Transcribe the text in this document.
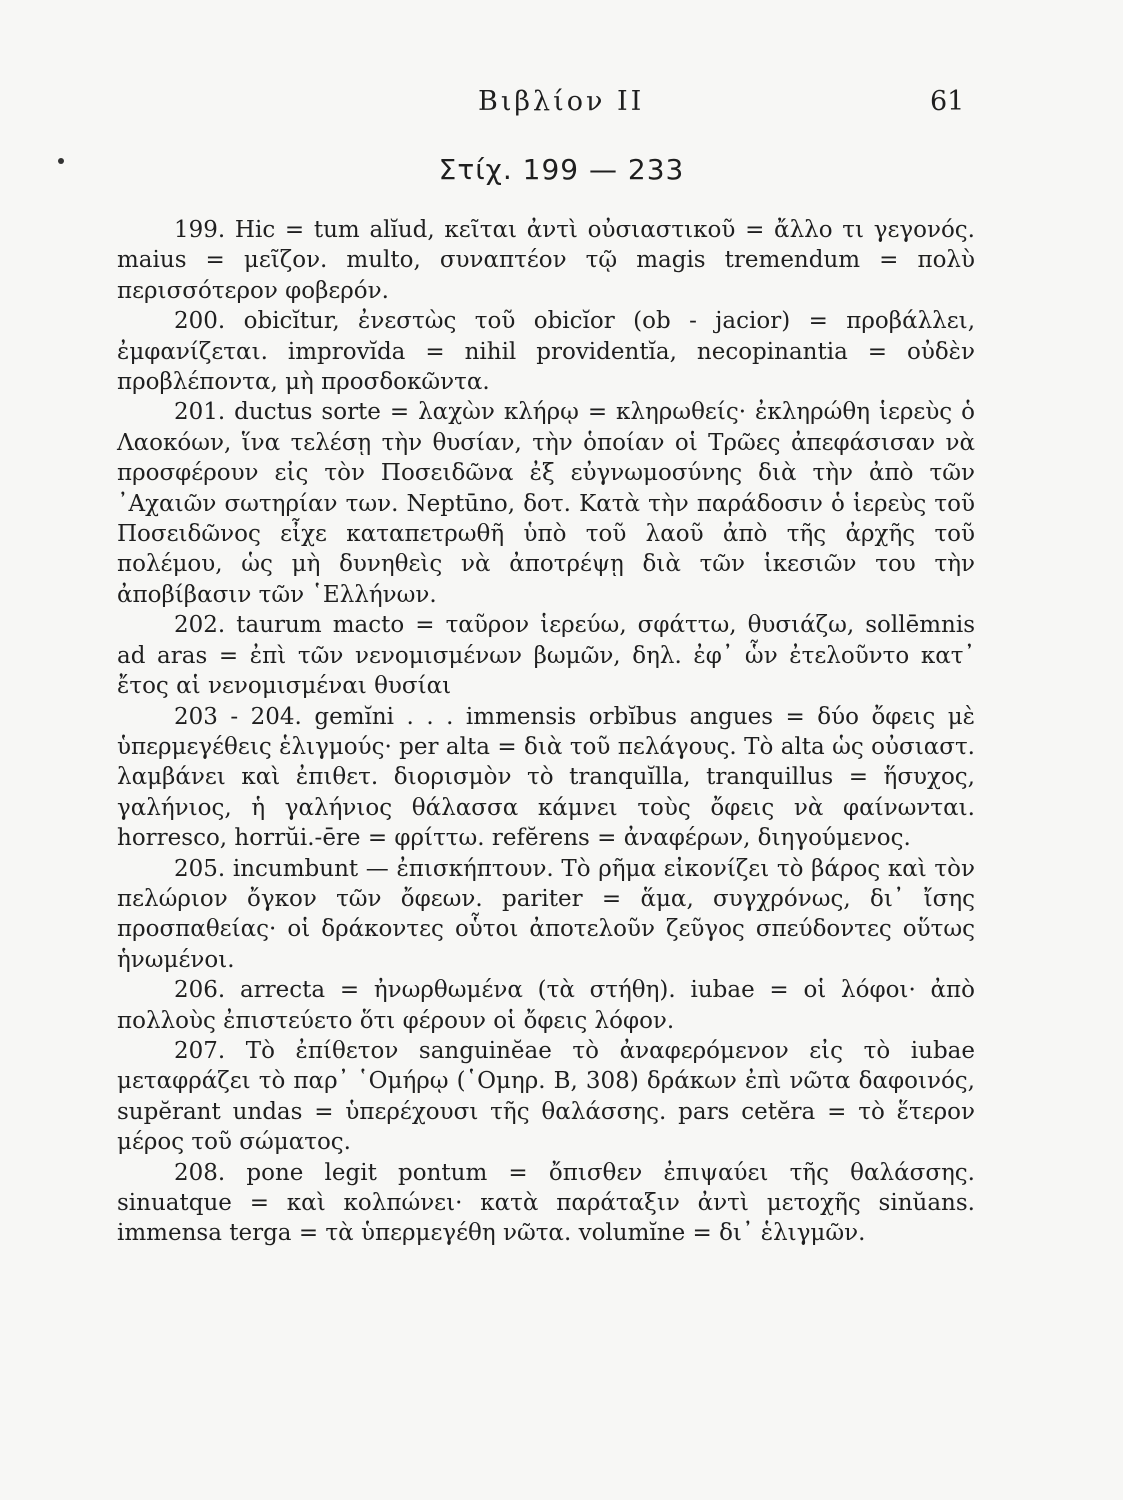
Βιβλίον ΙΙ	61
Στίχ. 199 — 233

199. Hic = tum alĭud, κεῖται ἀντὶ οὐσιαστικοῦ = ἄλλο τι γεγονός. maius = μεῖζον. multo, συναπτέον τῷ magis tremendum = πολὺ περισσότερον φοβερόν.

200. obicĭtur, ἐνεστὼς τοῦ obicĭor (ob - jacior) = προβάλλει, ἐμφανίζεται. improvĭda = nihil providentĭa, necopinantia = οὐδὲν προβλέποντα, μὴ προσδοκῶντα.

201. ductus sorte = λαχὼν κλήρῳ = κληρωθείς· ἐκληρώθη ἱερεὺς ὁ Λαοκόων, ἵνα τελέσῃ τὴν θυσίαν, τὴν ὁποίαν οἱ Τρῶες ἀπεφάσισαν νὰ προσφέρουν εἰς τὸν Ποσειδῶνα ἐξ εὐγνωμοσύνης διὰ τὴν ἀπὸ τῶν ᾿Αχαιῶν σωτηρίαν των. Neptūno, δοτ. Κατὰ τὴν παράδοσιν ὁ ἱερεὺς τοῦ Ποσειδῶνος εἶχε καταπετρωθῆ ὑπὸ τοῦ λαοῦ ἀπὸ τῆς ἀρχῆς τοῦ πολέμου, ὡς μὴ δυνηθεὶς νὰ ἀποτρέψῃ διὰ τῶν ἱκεσιῶν του τὴν ἀποβίβασιν τῶν ῾Ελλήνων.

202. taurum macto = ταῦρον ἱερεύω, σφάττω, θυσιάζω, sollēmnis ad aras = ἐπὶ τῶν νενομισμένων βωμῶν, δηλ. ἐφ᾿ ὧν ἐτελοῦντο κατ᾿ ἔτος αἱ νενομισμέναι θυσίαι

203 - 204. gemĭni . . . immensis orbĭbus angues = δύο ὄφεις μὲ ὑπερμεγέθεις ἑλιγμούς· per alta = διὰ τοῦ πελάγους. Τὸ alta ὡς οὐσιαστ. λαμβάνει καὶ ἐπιθετ. διορισμὸν τὸ tranquĭlla, tranquillus = ἥσυχος, γαλήνιος, ἡ γαλήνιος θάλασσα κάμνει τοὺς ὄφεις νὰ φαίνωνται. horresco, horrŭi.-ēre = φρίττω. refĕrens = ἀναφέρων, διηγούμενος.

205. incumbunt — ἐπισκήπτουν. Τὸ ρῆμα εἰκονίζει τὸ βάρος καὶ τὸν πελώριον ὄγκον τῶν ὄφεων. pariter = ἅμα, συγχρόνως, δι᾿ ἴσης προσπαθείας· οἱ δράκοντες οὗτοι ἀποτελοῦν ζεῦγος σπεύδοντες οὕτως ἡνωμένοι.

206. arrecta = ἠνωρθωμένα (τὰ στήθη). iubae = οἱ λόφοι· ἀπὸ πολλοὺς ἐπιστεύετο ὅτι φέρουν οἱ ὄφεις λόφον.

207. Τὸ ἐπίθετον sanguinĕae τὸ ἀναφερόμενον εἰς τὸ iubae μεταφράζει τὸ παρ᾿ ῾Ομήρῳ (῾Ομηρ. Β, 308) δράκων ἐπὶ νῶτα δαφοινός, supĕrant undas = ὑπερέχουσι τῆς θαλάσσης. pars cetĕra = τὸ ἕτερον μέρος τοῦ σώματος.

208. pone legit pontum = ὄπισθεν ἐπιψαύει τῆς θαλάσσης. sinuatque = καὶ κολπώνει· κατὰ παράταξιν ἀντὶ μετοχῆς sinŭans. immensa terga = τὰ ὑπερμεγέθη νῶτα. volumĭne = δι᾿ ἑλιγμῶν.
